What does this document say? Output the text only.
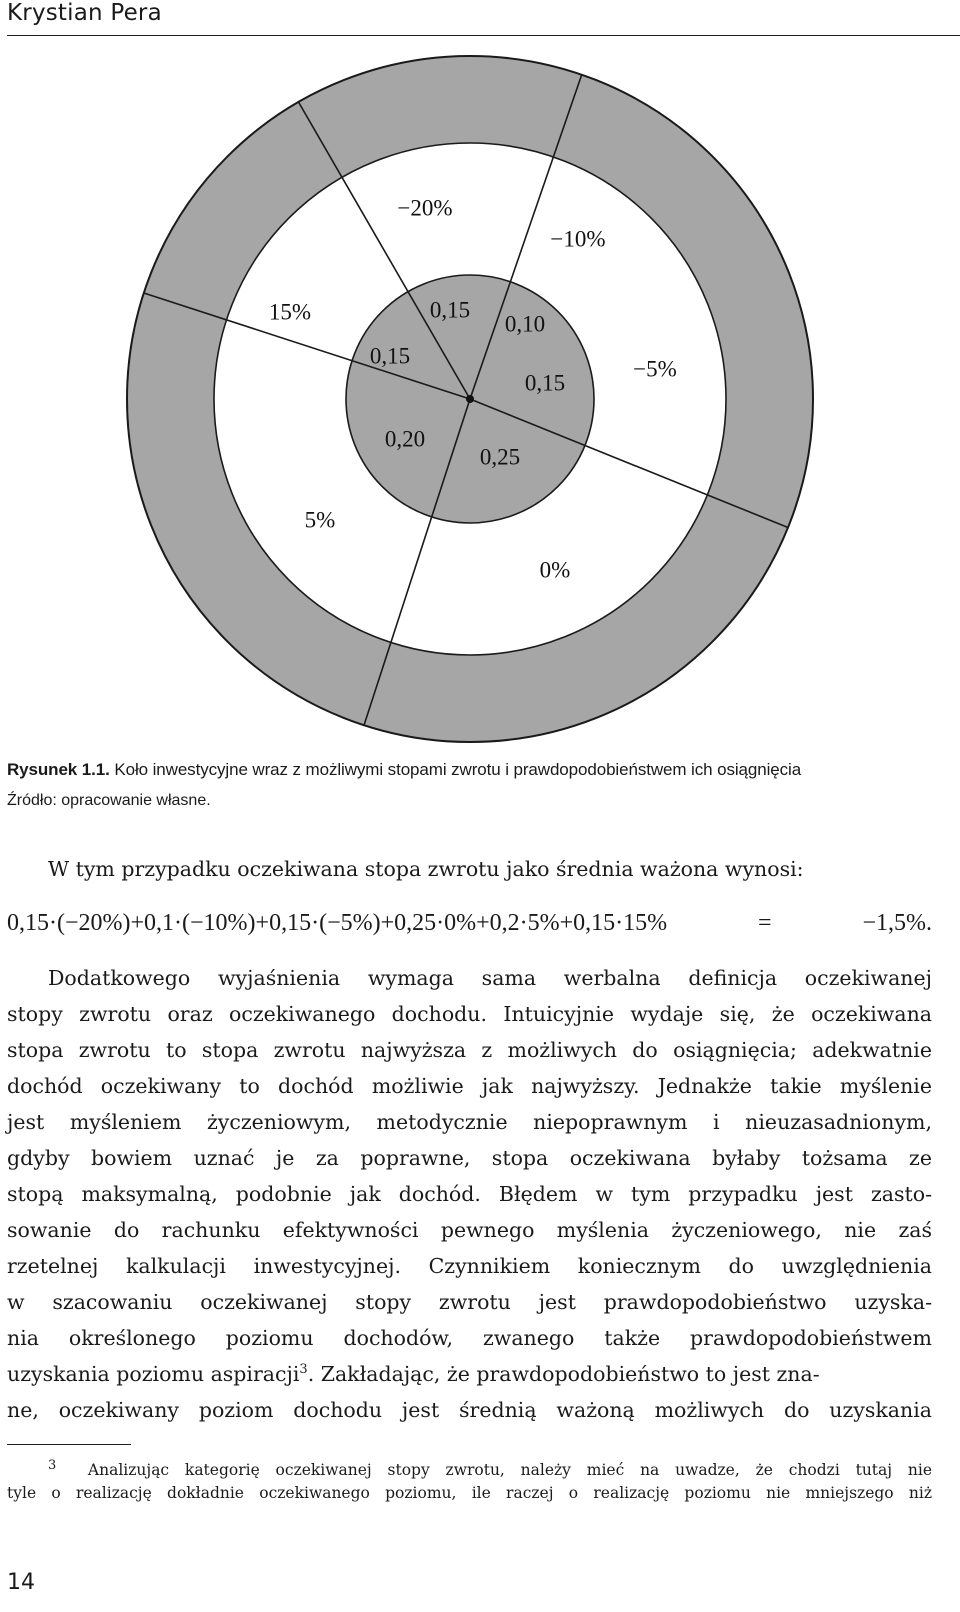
Krystian Pera
0,15
0,10
0,15
0,25
0,20
0,15
−20%
−10%
−5%
0%
5%
15%
Rysunek 1.1. Koło inwestycyjne wraz z możliwymi stopami zwrotu i prawdopodobieństwem ich osiągnięcia
Źródło: opracowanie własne.
W tym przypadku oczekiwana stopa zwrotu jako średnia ważona wynosi:
0,15·(−20%)+0,1·(−10%)+0,15·(−5%)+0,25·0%+0,2·5%+0,15·15% = −1,5%.
Dodatkowego wyjaśnienia wymaga sama werbalna definicja oczekiwanej
stopy zwrotu oraz oczekiwanego dochodu. Intuicyjnie wydaje się, że oczekiwana
stopa zwrotu to stopa zwrotu najwyższa z możliwych do osiągnięcia; adekwatnie
dochód oczekiwany to dochód możliwie jak najwyższy. Jednakże takie myślenie
jest myśleniem życzeniowym, metodycznie niepoprawnym i nieuzasadnionym,
gdyby bowiem uznać je za poprawne, stopa oczekiwana byłaby tożsama ze
stopą maksymalną, podobnie jak dochód. Błędem w tym przypadku jest zasto-
sowanie do rachunku efektywności pewnego myślenia życzeniowego, nie zaś
rzetelnej kalkulacji inwestycyjnej. Czynnikiem koniecznym do uwzględnienia
w szacowaniu oczekiwanej stopy zwrotu jest prawdopodobieństwo uzyska-
nia określonego poziomu dochodów, zwanego także prawdopodobieństwem
uzyskania poziomu aspiracji$^3$. Zakładając, że prawdopodobieństwo to jest zna-
ne, oczekiwany poziom dochodu jest średnią ważoną możliwych do uzyskania
$^3$ Analizując kategorię oczekiwanej stopy zwrotu, należy mieć na uwadze, że chodzi tutaj nie
tyle o realizację dokładnie oczekiwanego poziomu, ile raczej o realizację poziomu nie mniejszego niż
14
